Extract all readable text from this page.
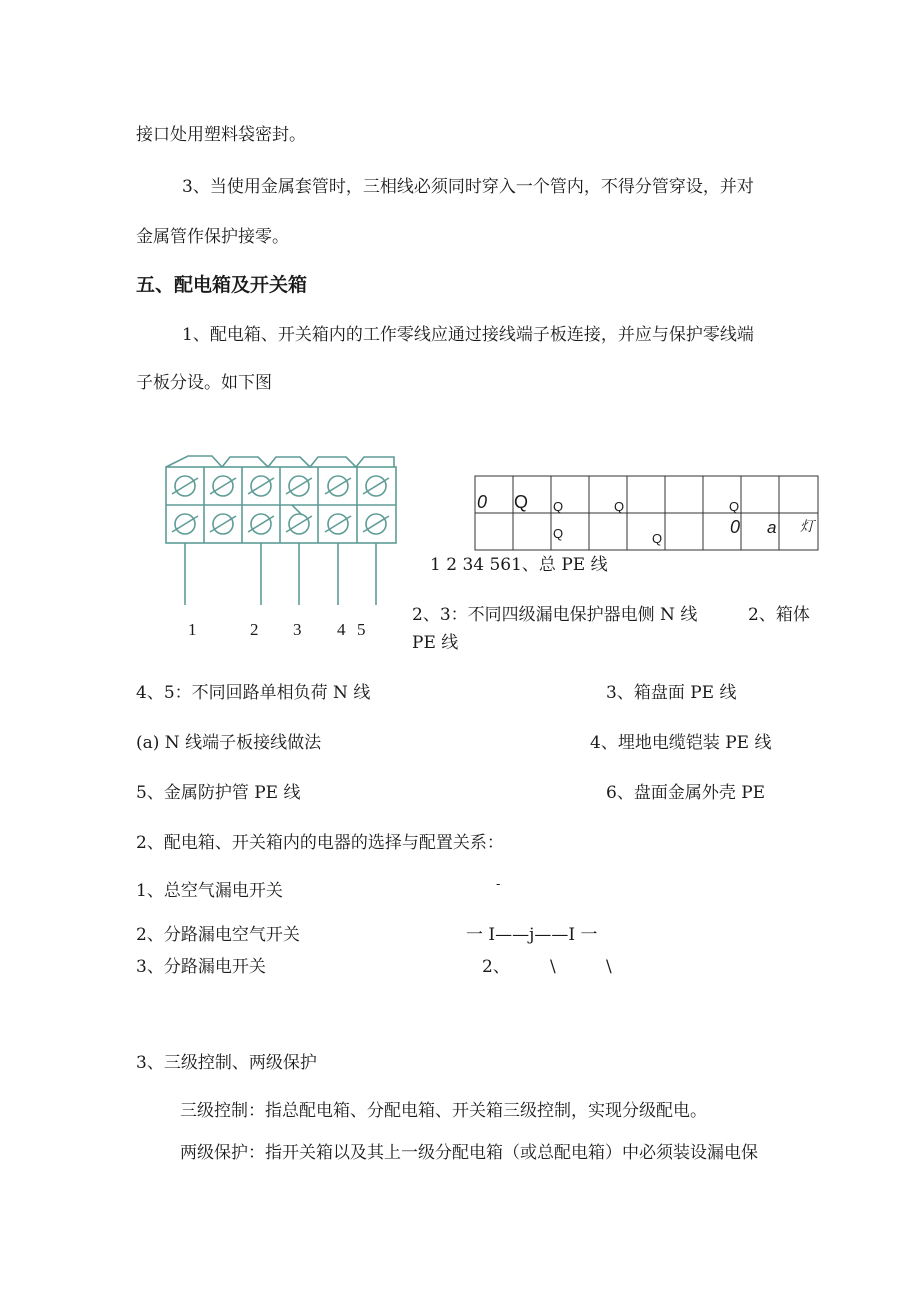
接口处用塑料袋密封。
3、当使用金属套管时，三相线必须同时穿入一个管内，不得分管穿设，并对
金属管作保护接零。
五、配电箱及开关箱
1、配电箱、开关箱内的工作零线应通过接线端子板连接，并应与保护零线端
子板分设。如下图
1	2 3 4 5
0 Q Q	Q	Q
Q	Q
0 a 灯
1 2 34 561、总 PE 线
2、3：不同四级漏电保护器电侧 N 线	2、箱体
PE 线
4、5：不同回路单相负荷 N 线	3、箱盘面 PE 线
(a) N 线端子板接线做法	4、埋地电缆铠装 PE 线
5、金属防护管 PE 线	6、盘面金属外壳 PE
2、配电箱、开关箱内的电器的选择与配置关系：
1、总空气漏电开关	-
2、分路漏电空气开关	一 I——j——I 一
3、分路漏电开关	2、 \	\
3、三级控制、两级保护
三级控制：指总配电箱、分配电箱、开关箱三级控制，实现分级配电。
两级保护：指开关箱以及其上一级分配电箱（或总配电箱）中必须装设漏电保
